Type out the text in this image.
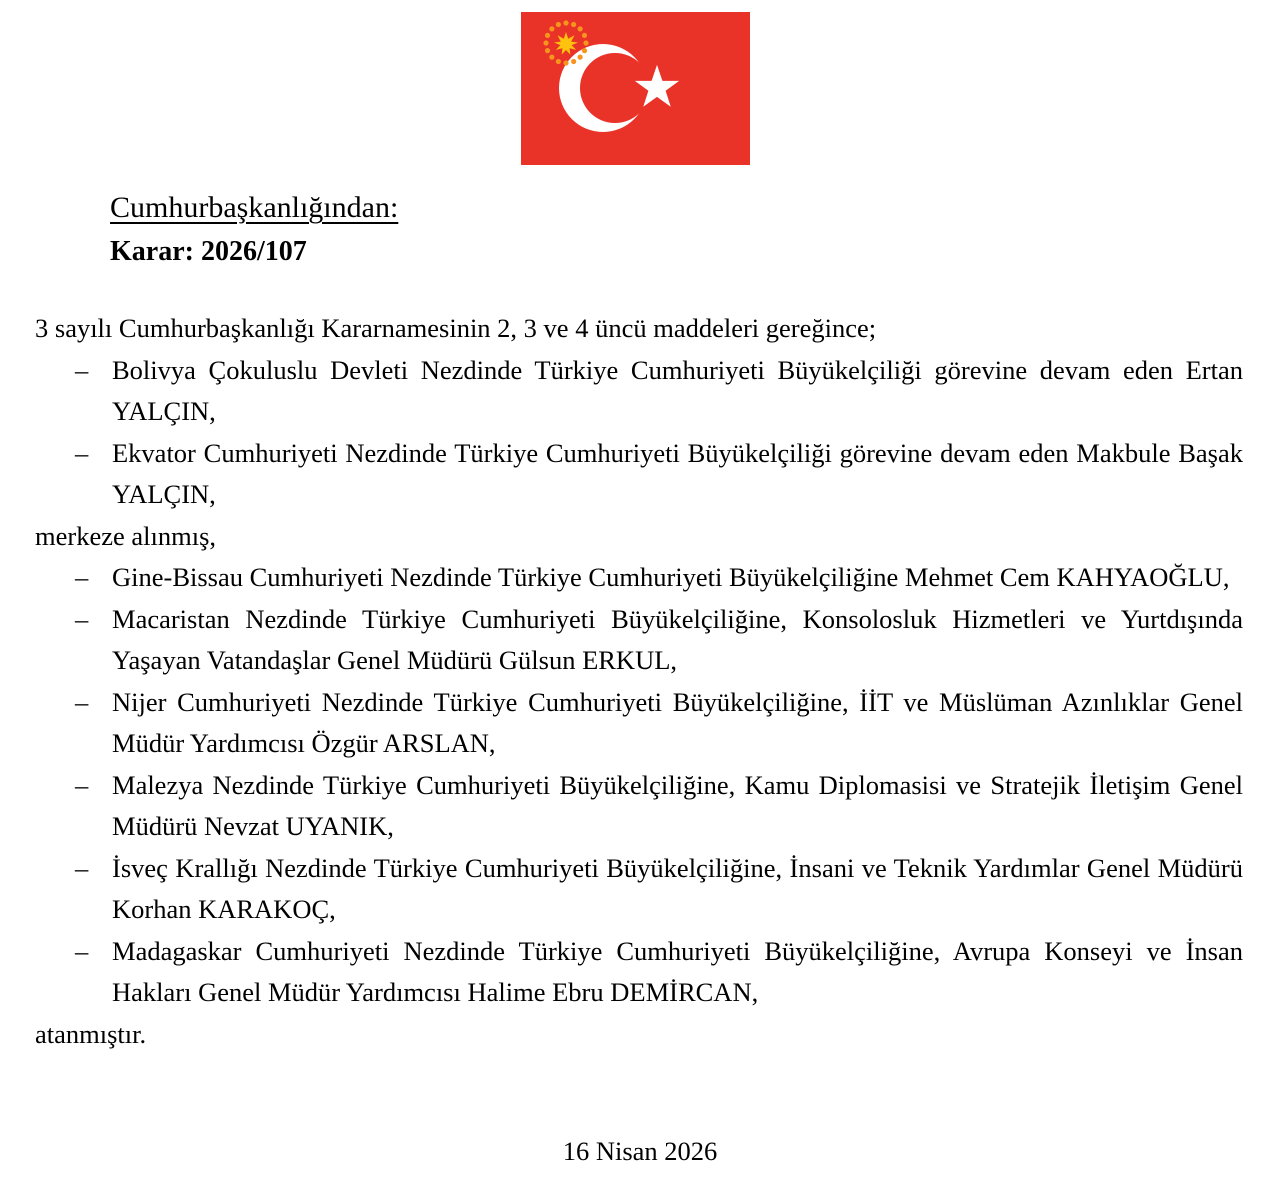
Cumhurbaşkanlığından:
Karar: 2026/107

3 sayılı Cumhurbaşkanlığı Kararnamesinin 2, 3 ve 4 üncü maddeleri gereğince;

– Bolivya Çokuluslu Devleti Nezdinde Türkiye Cumhuriyeti Büyükelçiliği görevine devam eden Ertan YALÇIN,
– Ekvator Cumhuriyeti Nezdinde Türkiye Cumhuriyeti Büyükelçiliği görevine devam eden Makbule Başak YALÇIN,

merkeze alınmış,

– Gine-Bissau Cumhuriyeti Nezdinde Türkiye Cumhuriyeti Büyükelçiliğine Mehmet Cem KAHYAOĞLU,
– Macaristan Nezdinde Türkiye Cumhuriyeti Büyükelçiliğine, Konsolosluk Hizmetleri ve Yurtdışında Yaşayan Vatandaşlar Genel Müdürü Gülsun ERKUL,
– Nijer Cumhuriyeti Nezdinde Türkiye Cumhuriyeti Büyükelçiliğine, İİT ve Müslüman Azınlıklar Genel Müdür Yardımcısı Özgür ARSLAN,
– Malezya Nezdinde Türkiye Cumhuriyeti Büyükelçiliğine, Kamu Diplomasisi ve Stratejik İletişim Genel Müdürü Nevzat UYANIK,
– İsveç Krallığı Nezdinde Türkiye Cumhuriyeti Büyükelçiliğine, İnsani ve Teknik Yardımlar Genel Müdürü Korhan KARAKOÇ,
– Madagaskar Cumhuriyeti Nezdinde Türkiye Cumhuriyeti Büyükelçiliğine, Avrupa Konseyi ve İnsan Hakları Genel Müdür Yardımcısı Halime Ebru DEMİRCAN,

atanmıştır.

16 Nisan 2026
